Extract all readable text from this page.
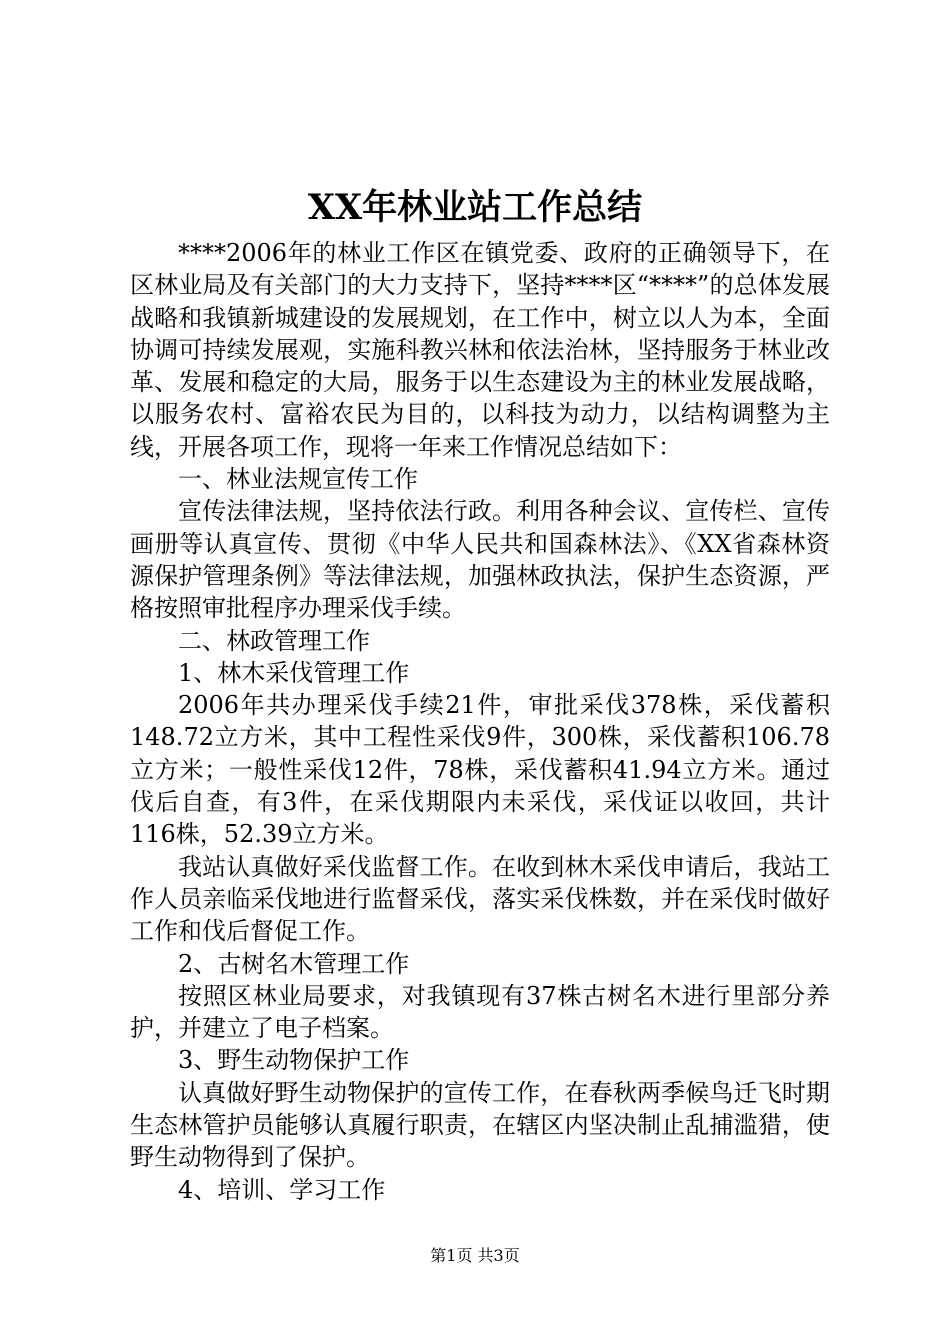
XX年林业站工作总结

****2006年的林业工作区在镇党委、政府的正确领导下，在区林业局及有关部门的大力支持下，坚持****区“****”的总体发展战略和我镇新城建设的发展规划，在工作中，树立以人为本，全面协调可持续发展观，实施科教兴林和依法治林，坚持服务于林业改革、发展和稳定的大局，服务于以生态建设为主的林业发展战略，以服务农村、富裕农民为目的，以科技为动力，以结构调整为主线，开展各项工作，现将一年来工作情况总结如下：

一、林业法规宣传工作

宣传法律法规，坚持依法行政。利用各种会议、宣传栏、宣传画册等认真宣传、贯彻《中华人民共和国森林法》、《XX省森林资源保护管理条例》等法律法规，加强林政执法，保护生态资源，严格按照审批程序办理采伐手续。

二、林政管理工作

1、林木采伐管理工作

2006年共办理采伐手续21件，审批采伐378株，采伐蓄积148.72立方米，其中工程性采伐9件，300株，采伐蓄积106.78立方米；一般性采伐12件，78株，采伐蓄积41.94立方米。通过伐后自查，有3件，在采伐期限内未采伐，采伐证以收回，共计116株，52.39立方米。

我站认真做好采伐监督工作。在收到林木采伐申请后，我站工作人员亲临采伐地进行监督采伐，落实采伐株数，并在采伐时做好工作和伐后督促工作。

2、古树名木管理工作

按照区林业局要求，对我镇现有37株古树名木进行里部分养护，并建立了电子档案。

3、野生动物保护工作

认真做好野生动物保护的宣传工作，在春秋两季候鸟迁飞时期生态林管护员能够认真履行职责，在辖区内坚决制止乱捕滥猎，使野生动物得到了保护。

4、培训、学习工作

第1页 共3页
